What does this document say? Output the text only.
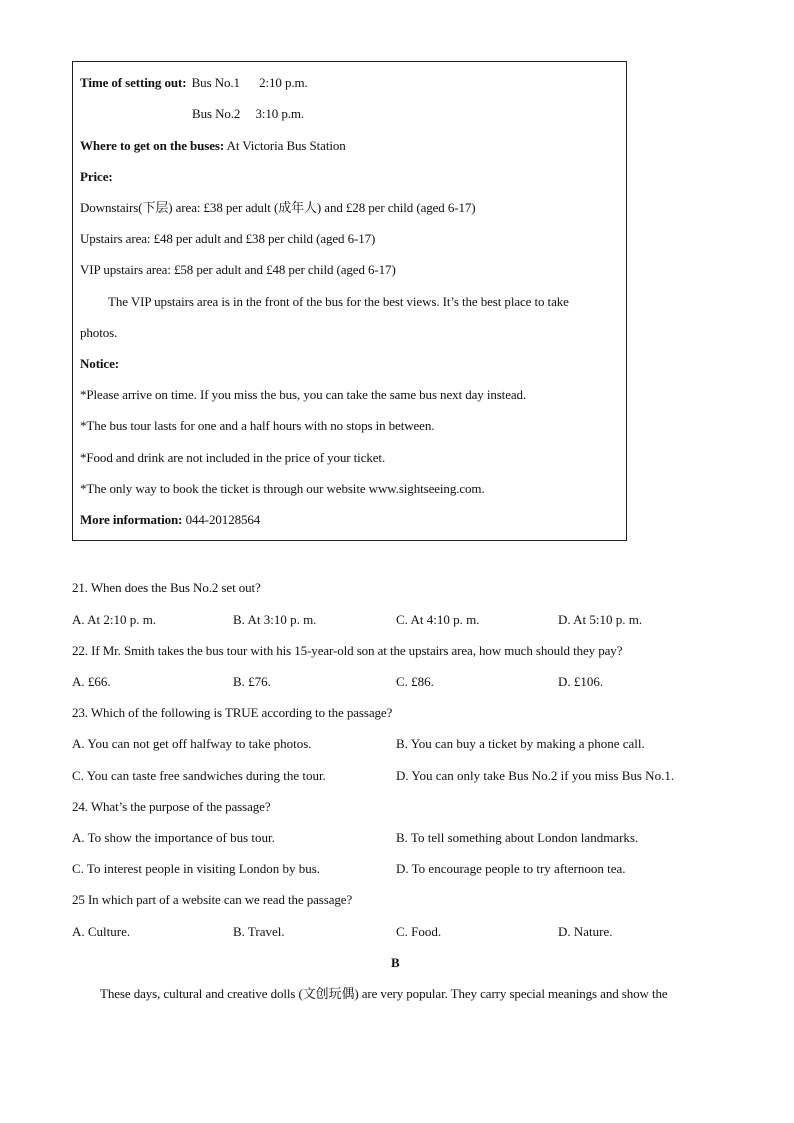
Time of setting out: Bus No.1 2:10 p.m.
Bus No.2 3:10 p.m.
Where to get on the buses: At Victoria Bus Station
Price:
Downstairs(下层) area: £38 per adult (成年人) and £28 per child (aged 6-17)
Upstairs area: £48 per adult and £38 per child (aged 6-17)
VIP upstairs area: £58 per adult and £48 per child (aged 6-17)
The VIP upstairs area is in the front of the bus for the best views. It’s the best place to take
photos.
Notice:
*Please arrive on time. If you miss the bus, you can take the same bus next day instead.
*The bus tour lasts for one and a half hours with no stops in between.
*Food and drink are not included in the price of your ticket.
*The only way to book the ticket is through our website www.sightseeing.com.
More information: 044-20128564
21. When does the Bus No.2 set out?
A. At 2:10 p. m.	B. At 3:10 p. m.	C. At 4:10 p. m.	D. At 5:10 p. m.
22. If Mr. Smith takes the bus tour with his 15-year-old son at the upstairs area, how much should they pay?
A. £66.	B. £76.	C. £86.	D. £106.
23. Which of the following is TRUE according to the passage?
A. You can not get off halfway to take photos.	B. You can buy a ticket by making a phone call.
C. You can taste free sandwiches during the tour.	D. You can only take Bus No.2 if you miss Bus No.1.
24. What’s the purpose of the passage?
A. To show the importance of bus tour.	B. To tell something about London landmarks.
C. To interest people in visiting London by bus.	D. To encourage people to try afternoon tea.
25 In which part of a website can we read the passage?
A. Culture.	B. Travel.	C. Food.	D. Nature.
B
These days, cultural and creative dolls (文创玩偶) are very popular. They carry special meanings and show the
